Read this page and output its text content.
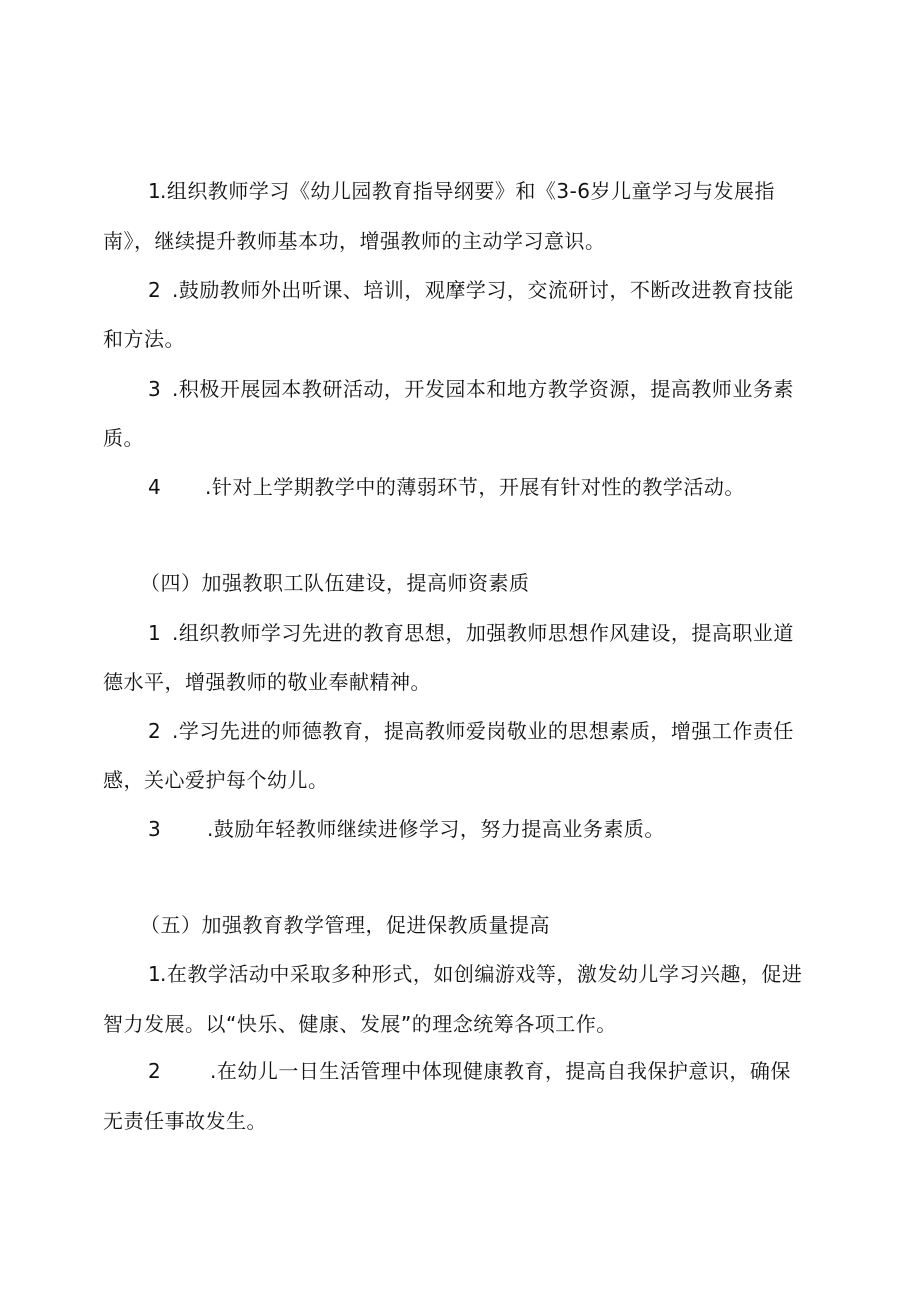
1
.组织教师学习《幼儿园教育指导纲要》和《3-6岁儿童学习与发展指
南》，继续提升教师基本功，增强教师的主动学习意识。
2 .鼓励教师外出听课、培训，观摩学习，交流研讨，不断改进教育技能
和方法。
3 .积极开展园本教研活动，开发园本和地方教学资源，提高教师业务素
质。
4 .针对上学期教学中的薄弱环节，开展有针对性的教学活动。
（四）加强教职工队伍建设，提高师资素质
1 .组织教师学习先进的教育思想，加强教师思想作风建设，提高职业道
德水平，增强教师的敬业奉献精神。
2 .学习先进的师德教育，提高教师爱岗敬业的思想素质，增强工作责任
感，关心爱护每个幼儿。
3 .鼓励年轻教师继续进修学习，努力提高业务素质。
（五）加强教育教学管理，促进保教质量提高
1
.在教学活动中采取多种形式，如创编游戏等，激发幼儿学习兴趣，促进
智力发展。以“快乐、健康、发展”的理念统筹各项工作。
2 .在幼儿一日生活管理中体现健康教育，提高自我保护意识，确保
无责任事故发生。
